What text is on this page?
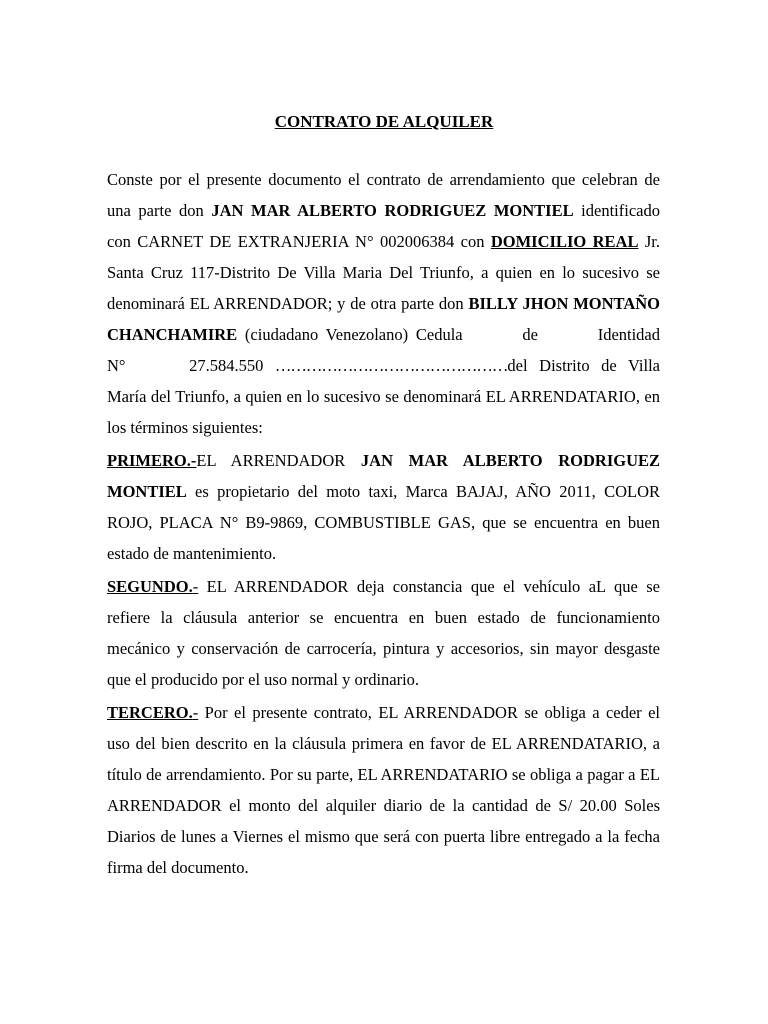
CONTRATO DE ALQUILER

Conste por el presente documento el contrato de arrendamiento que celebran de una parte don JAN MAR ALBERTO RODRIGUEZ MONTIEL identificado con CARNET DE EXTRANJERIA N° 002006384 con DOMICILIO REAL Jr. Santa Cruz 117-Distrito De Villa Maria Del Triunfo, a quien en lo sucesivo se denominará EL ARRENDADOR; y de otra parte don BILLY JHON MONTAÑO CHANCHAMIRE (ciudadano Venezolano) Cedula de Identidad N° 27.584.550 ………………………………………del Distrito de Villa María del Triunfo, a quien en lo sucesivo se denominará EL ARRENDATARIO, en los términos siguientes:

PRIMERO.-EL ARRENDADOR JAN MAR ALBERTO RODRIGUEZ MONTIEL es propietario del moto taxi, Marca BAJAJ, AÑO 2011, COLOR ROJO, PLACA N° B9-9869, COMBUSTIBLE GAS, que se encuentra en buen estado de mantenimiento.

SEGUNDO.- EL ARRENDADOR deja constancia que el vehículo aL que se refiere la cláusula anterior se encuentra en buen estado de funcionamiento mecánico y conservación de carrocería, pintura y accesorios, sin mayor desgaste que el producido por el uso normal y ordinario.

TERCERO.- Por el presente contrato, EL ARRENDADOR se obliga a ceder el uso del bien descrito en la cláusula primera en favor de EL ARRENDATARIO, a título de arrendamiento. Por su parte, EL ARRENDATARIO se obliga a pagar a EL ARRENDADOR el monto del alquiler diario de la cantidad de S/ 20.00 Soles Diarios de lunes a Viernes el mismo que será con puerta libre entregado a la fecha firma del documento.
